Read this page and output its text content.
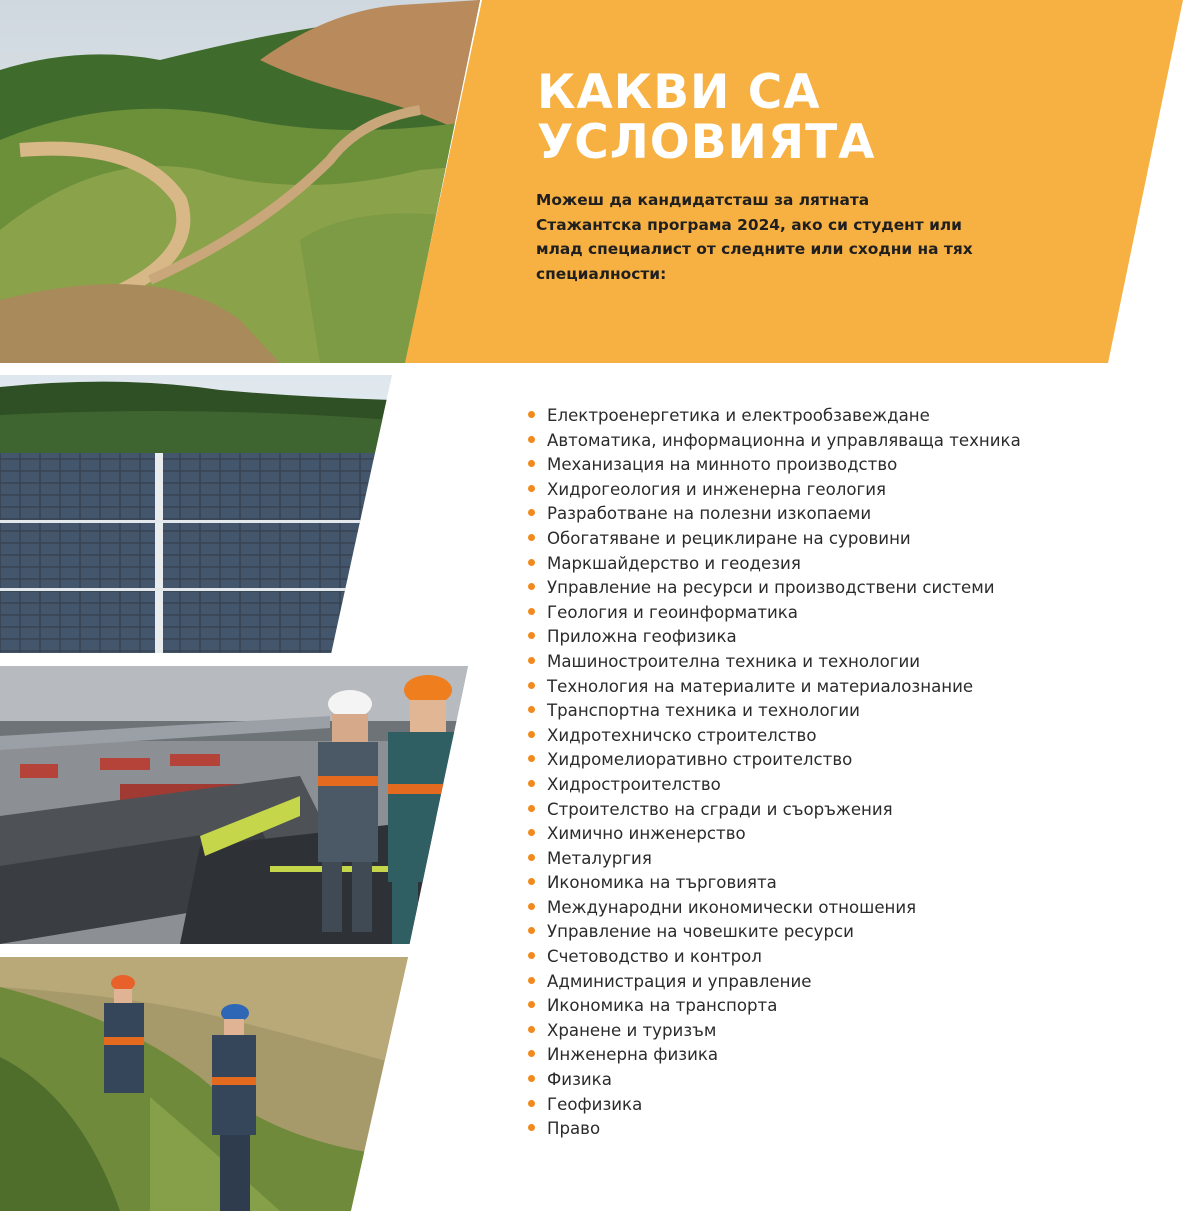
КАКВИ СА
УСЛОВИЯТА

Можеш да кандидатсташ за лятната Стажантска програма 2024, ако си студент или млад специалист от следните или сходни на тях специалности:

Електроенергетика и електрообзавеждане
Автоматика, информационна и управляваща техника
Механизация на минното производство
Хидрогеология и инженерна геология
Разработване на полезни изкопаеми
Обогатяване и рециклиране на суровини
Маркшайдерство и геодезия
Управление на ресурси и производствени системи
Геология и геоинформатика
Приложна геофизика
Машиностроителна техника и технологии
Технология на материалите и материалознание
Транспортна техника и технологии
Хидротехничско строителство
Хидромелиоративно строителство
Хидростроителство
Строителство на сгради и съоръжения
Химично инженерство
Металургия
Икономика на търговията
Международни икономически отношения
Управление на човешките ресурси
Счетоводство и контрол
Администрация и управление
Икономика на транспорта
Хранене и туризъм
Инженерна физика
Физика
Геофизика
Право
